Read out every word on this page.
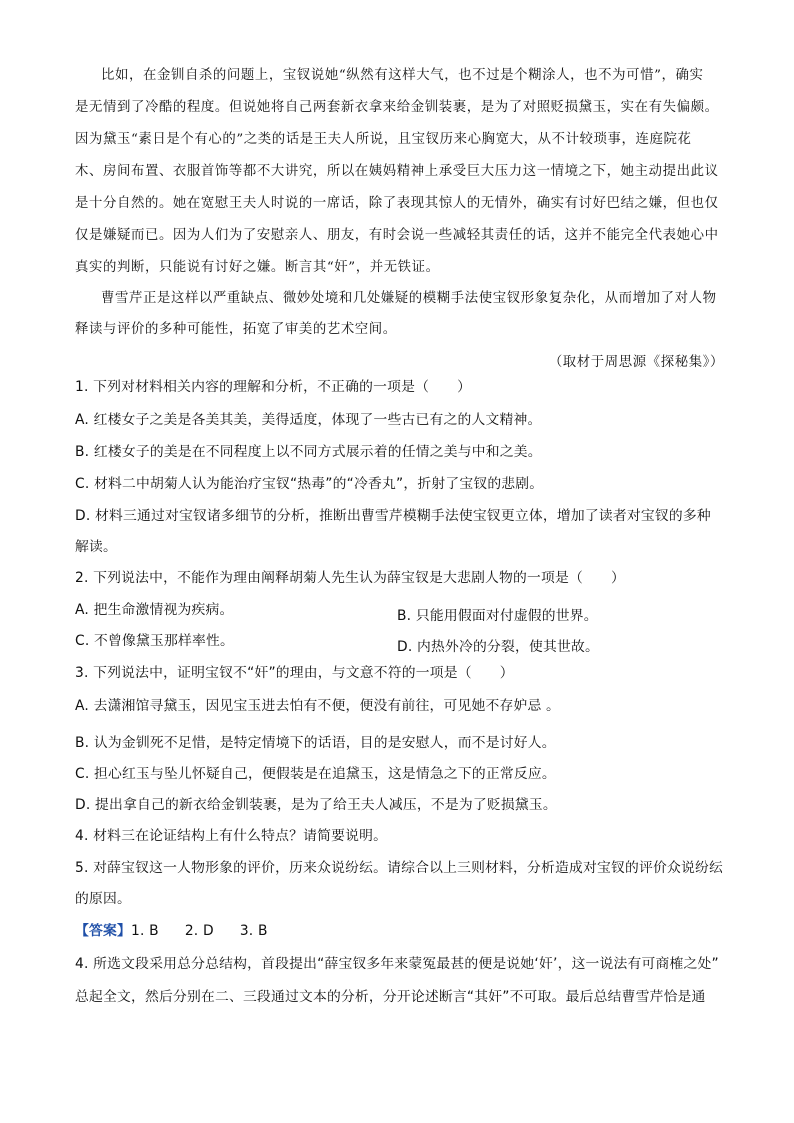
比如，在金钏自杀的问题上，宝钗说她“纵然有这样大气，也不过是个糊涂人，也不为可惜”，确实
是无情到了冷酷的程度。但说她将自己两套新衣拿来给金钏装裹，是为了对照贬损黛玉，实在有失偏颇。
因为黛玉“素日是个有心的”之类的话是王夫人所说，且宝钗历来心胸宽大，从不计较琐事，连庭院花
木、房间布置、衣服首饰等都不大讲究，所以在姨妈精神上承受巨大压力这一情境之下，她主动提出此议
是十分自然的。她在宽慰王夫人时说的一席话，除了表现其惊人的无情外，确实有讨好巴结之嫌，但也仅
仅是嫌疑而已。因为人们为了安慰亲人、朋友，有时会说一些减轻其责任的话，这并不能完全代表她心中
真实的判断，只能说有讨好之嫌。断言其“奸”，并无铁证。
曹雪芹正是这样以严重缺点、微妙处境和几处嫌疑的模糊手法使宝钗形象复杂化，从而增加了对人物
释读与评价的多种可能性，拓宽了审美的艺术空间。
（取材于周思源《探秘集》）
1. 下列对材料相关内容的理解和分析，不正确的一项是（　　）
A. 红楼女子之美是各美其美，美得适度，体现了一些古已有之的人文精神。
B. 红楼女子的美是在不同程度上以不同方式展示着的任情之美与中和之美。
C. 材料二中胡菊人认为能治疗宝钗“热毒”的“冷香丸”，折射了宝钗的悲剧。
D. 材料三通过对宝钗诸多细节的分析，推断出曹雪芹模糊手法使宝钗更立体，增加了读者对宝钗的多种
解读。
2. 下列说法中，不能作为理由阐释胡菊人先生认为薛宝钗是大悲剧人物的一项是（　　）
A. 把生命激情视为疾病。	B. 只能用假面对付虚假的世界。
C. 不曾像黛玉那样率性。	D. 内热外冷的分裂，使其世故。
3. 下列说法中，证明宝钗不“奸”的理由，与文意不符的一项是（　　）
A. 去潇湘馆寻黛玉，因见宝玉进去怕有不便，便没有前往，可见她不存妒忌 。
B. 认为金钏死不足惜，是特定情境下的话语，目的是安慰人，而不是讨好人。
C. 担心红玉与坠儿怀疑自己，便假装是在追黛玉，这是情急之下的正常反应。
D. 提出拿自己的新衣给金钏装裹，是为了给王夫人减压，不是为了贬损黛玉。
4. 材料三在论证结构上有什么特点？请简要说明。
5. 对薛宝钗这一人物形象的评价，历来众说纷纭。请综合以上三则材料，分析造成对宝钗的评价众说纷纭
的原因。
【答案】1. B 2. D 3. B
4. 所选文段采用总分总结构，首段提出“薛宝钗多年来蒙冤最甚的便是说她‘奸’，这一说法有可商榷之处”
总起全文，然后分别在二、三段通过文本的分析，分开论述断言“其奸”不可取。最后总结曹雪芹恰是通
